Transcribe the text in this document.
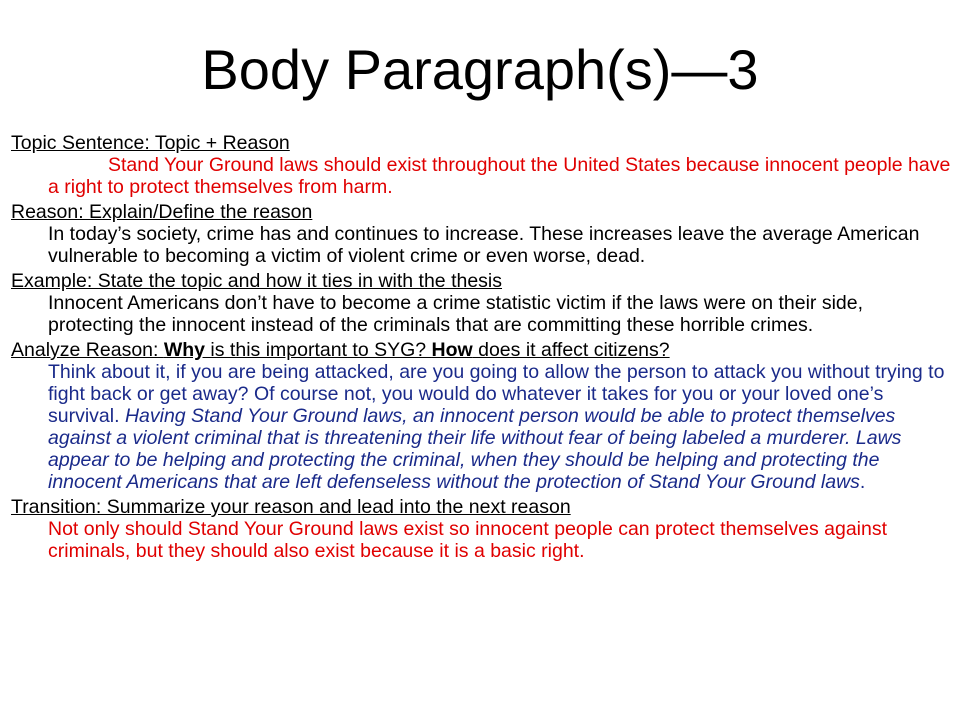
Body Paragraph(s)—3
Topic Sentence: Topic + Reason
Stand Your Ground laws should exist throughout the United States because innocent people have a right to protect themselves from harm.
Reason: Explain/Define the reason
In today’s society, crime has and continues to increase. These increases leave the average American vulnerable to becoming a victim of violent crime or even worse, dead.
Example: State the topic and how it ties in with the thesis
Innocent Americans don’t have to become a crime statistic victim if the laws were on their side, protecting the innocent instead of the criminals that are committing these horrible crimes.
Analyze Reason: Why is this important to SYG? How does it affect citizens?
Think about it, if you are being attacked, are you going to allow the person to attack you without trying to fight back or get away? Of course not, you would do whatever it takes for you or your loved one’s survival. Having Stand Your Ground laws, an innocent person would be able to protect themselves against a violent criminal that is threatening their life without fear of being labeled a murderer. Laws appear to be helping and protecting the criminal, when they should be helping and protecting the innocent Americans that are left defenseless without the protection of Stand Your Ground laws.
Transition: Summarize your reason and lead into the next reason
Not only should Stand Your Ground laws exist so innocent people can protect themselves against criminals, but they should also exist because it is a basic right.
